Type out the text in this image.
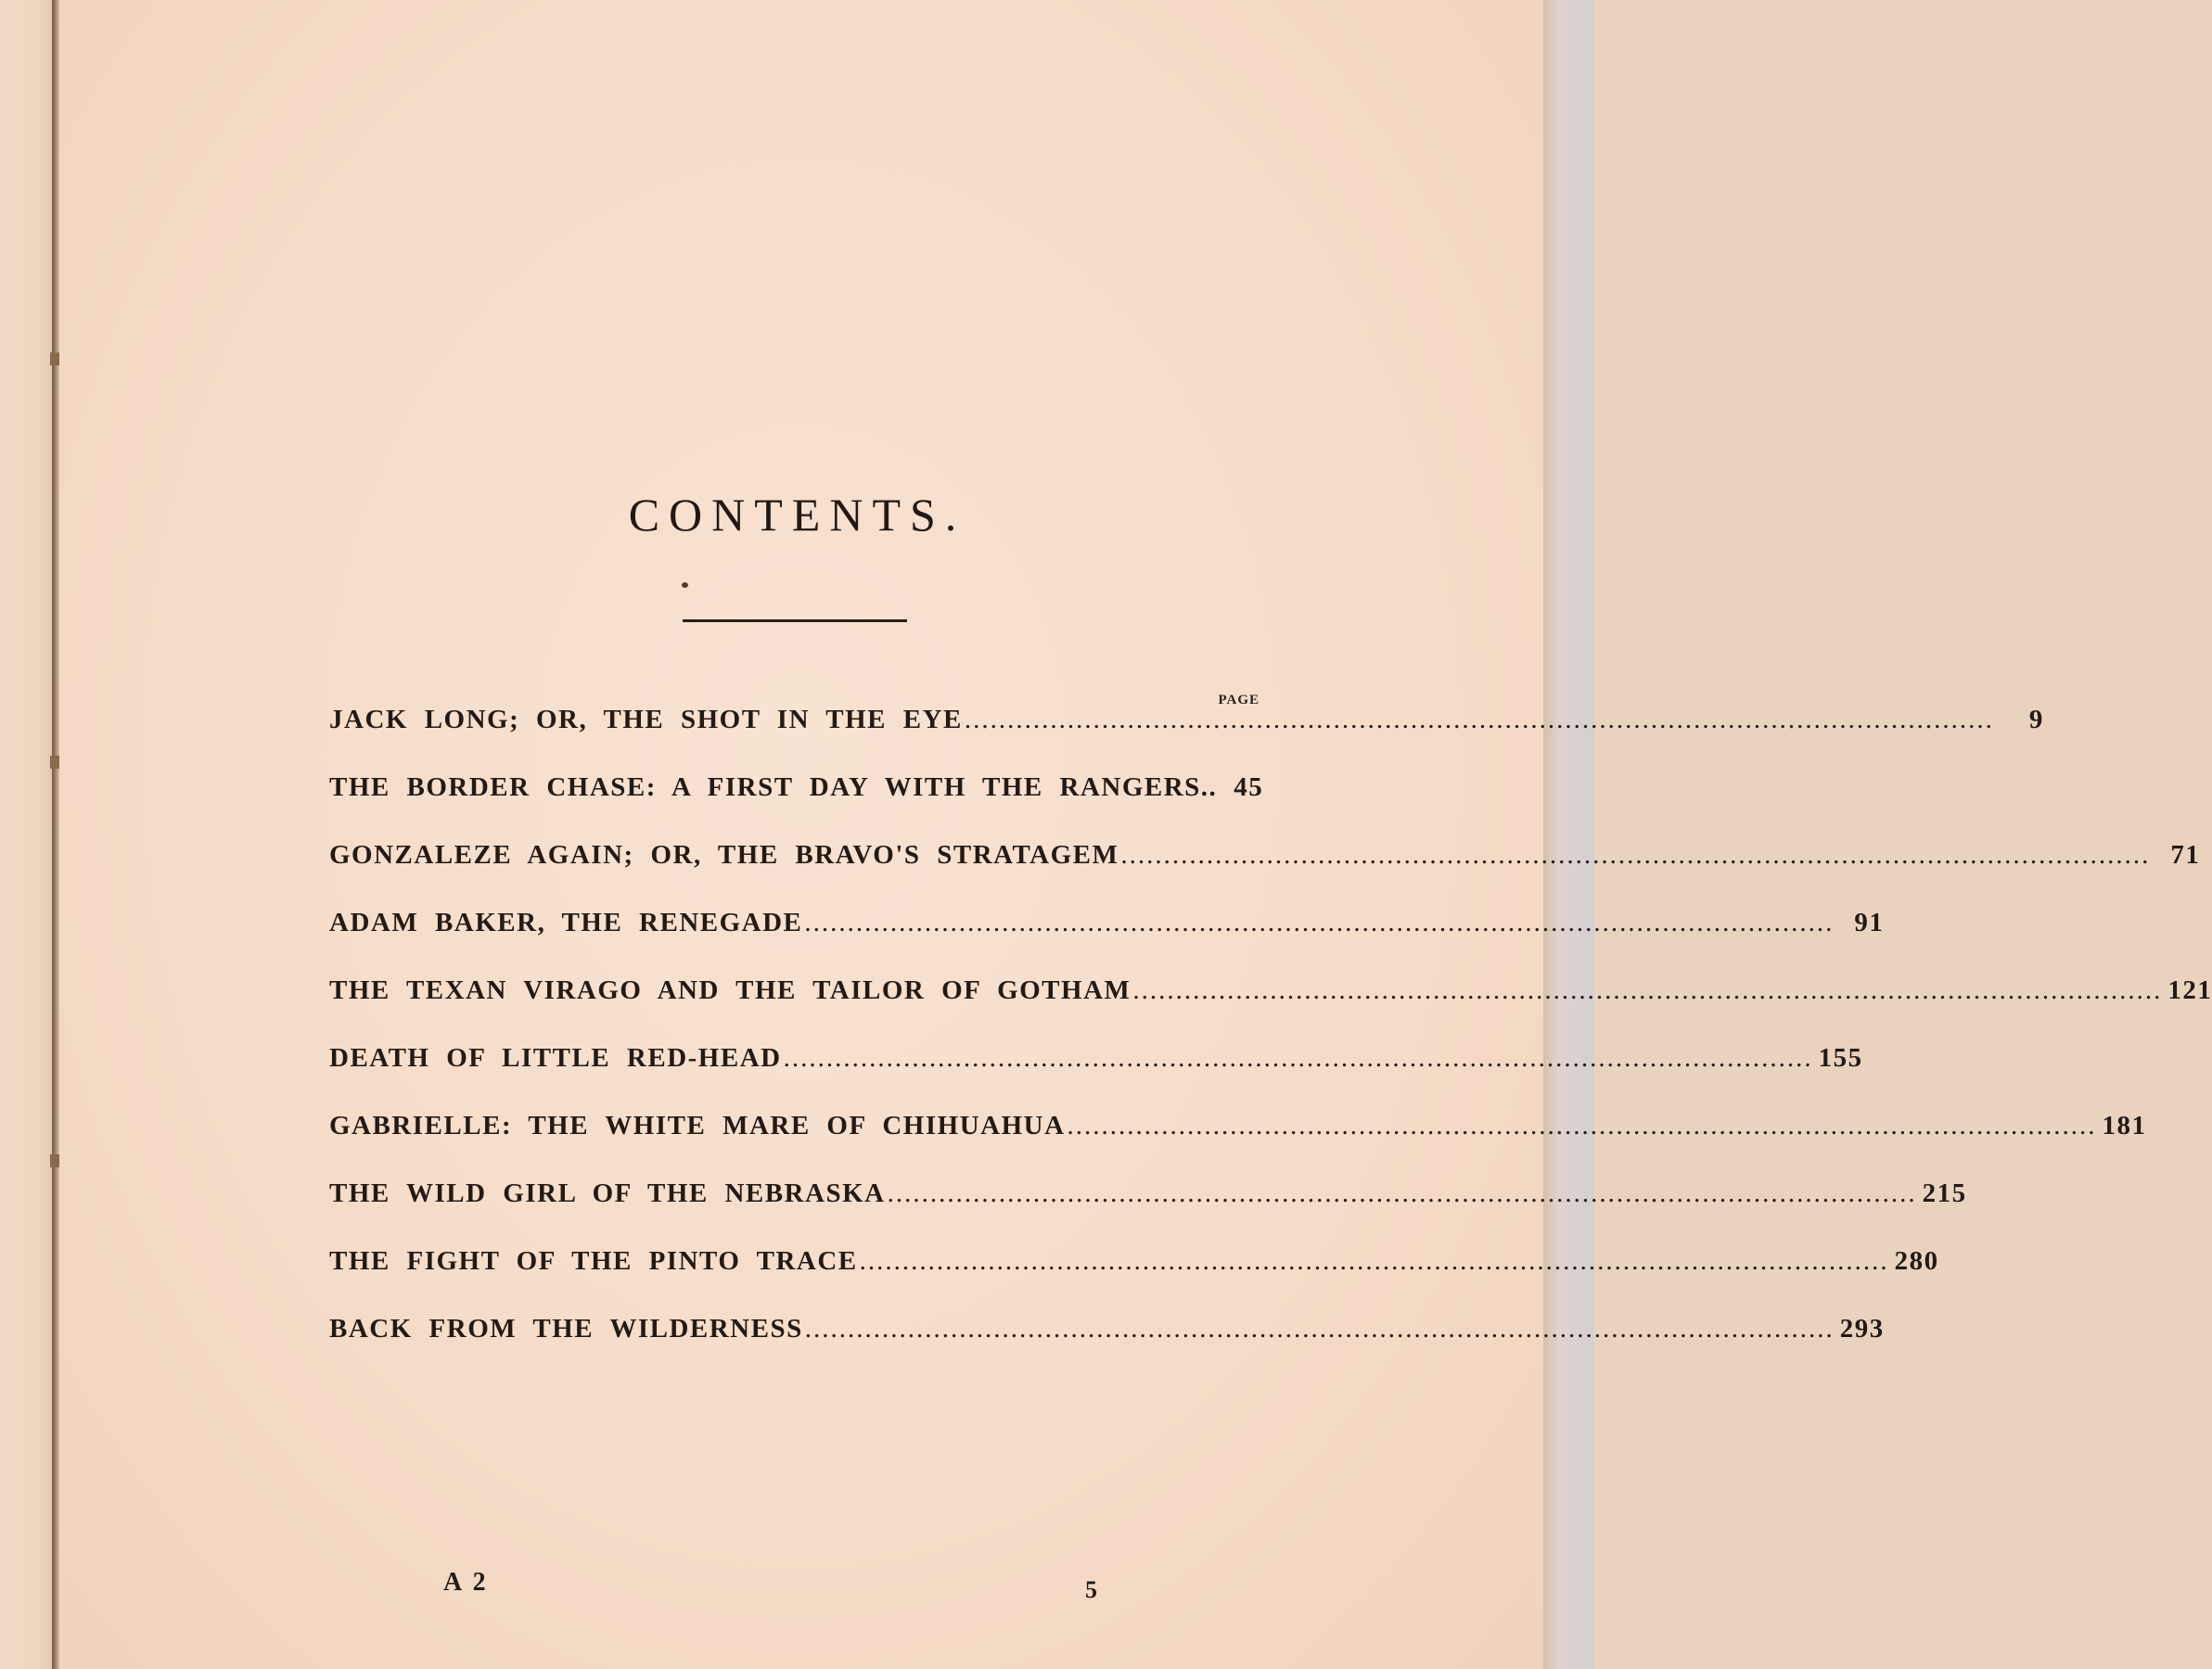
CONTENTS.
PAGE
JACK LONG; OR, THE SHOT IN THE EYE ........................................................................................................................	9
THE BORDER CHASE: A FIRST DAY WITH THE RANGERS.. 45
GONZALEZE AGAIN; OR, THE BRAVO'S STRATAGEM ........................................................................................................................ 71
ADAM BAKER, THE RENEGADE ........................................................................................................................ 91
THE TEXAN VIRAGO AND THE TAILOR OF GOTHAM ........................................................................................................................ 121
DEATH OF LITTLE RED-HEAD ........................................................................................................................ 155
GABRIELLE: THE WHITE MARE OF CHIHUAHUA ........................................................................................................................ 181
THE WILD GIRL OF THE NEBRASKA ........................................................................................................................ 215
THE FIGHT OF THE PINTO TRACE ........................................................................................................................ 280
BACK FROM THE WILDERNESS ........................................................................................................................ 293
A 2	5
